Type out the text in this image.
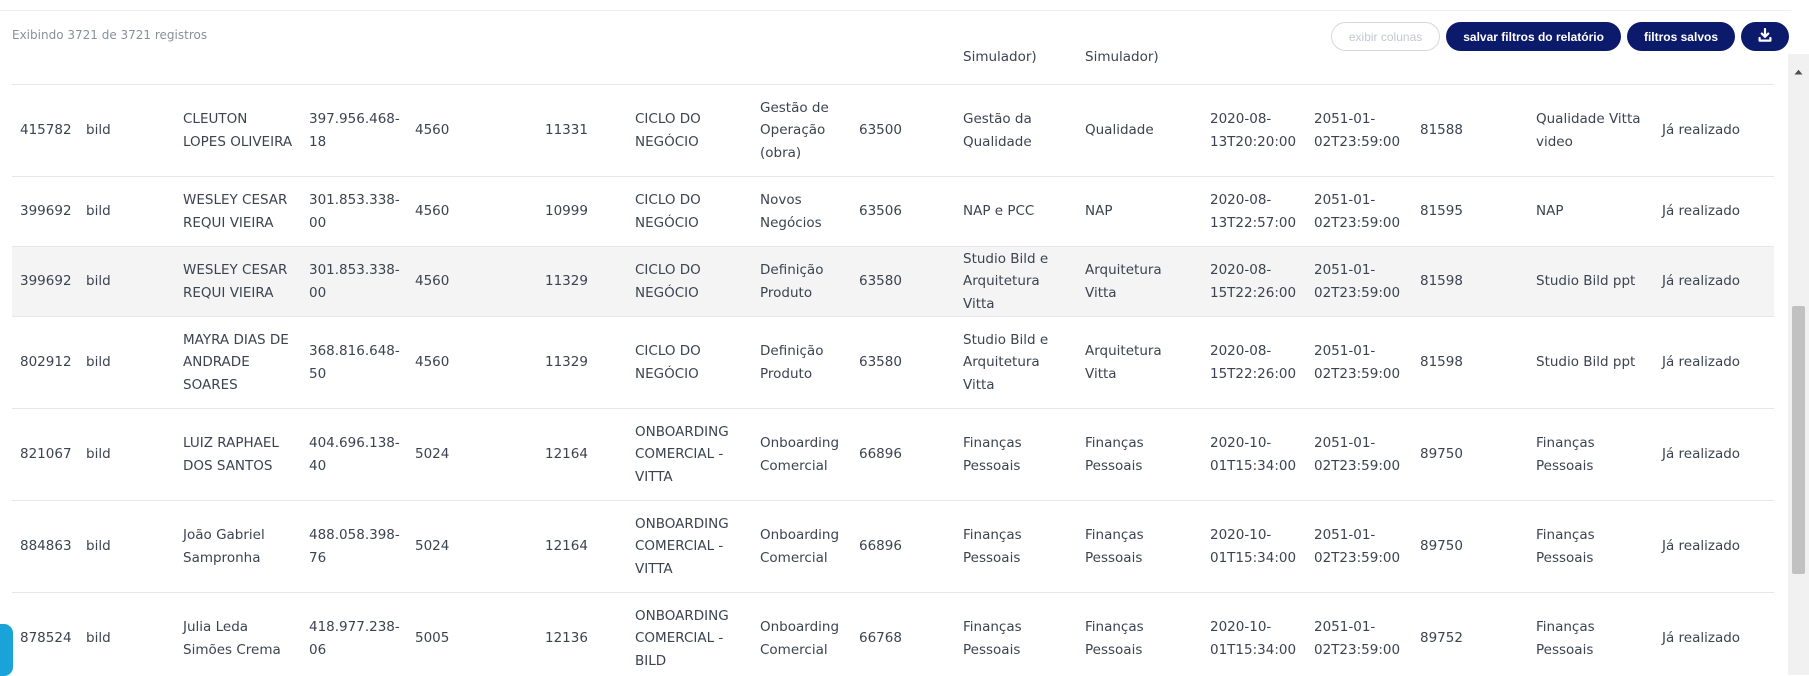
Exibindo 3721 de 3721 registros	exibir colunas	salvar filtros do relatório	filtros salvos

									Simulador)	Simulador)					

415782	bild	CLEUTON LOPES OLIVEIRA	397.956.468-18	4560	11331	CICLO DO NEGÓCIO	Gestão de Operação (obra)	63500	Gestão da Qualidade	Qualidade	2020-08-13T20:20:00	2051-01-02T23:59:00	81588	Qualidade Vitta video	Já realizado
399692	bild	WESLEY CESAR REQUI VIEIRA	301.853.338-00	4560	10999	CICLO DO NEGÓCIO	Novos Negócios	63506	NAP e PCC	NAP	2020-08-13T22:57:00	2051-01-02T23:59:00	81595	NAP	Já realizado
399692	bild	WESLEY CESAR REQUI VIEIRA	301.853.338-00	4560	11329	CICLO DO NEGÓCIO	Definição Produto	63580	Studio Bild e Arquitetura Vitta	Arquitetura Vitta	2020-08-15T22:26:00	2051-01-02T23:59:00	81598	Studio Bild ppt	Já realizado
802912	bild	MAYRA DIAS DE ANDRADE SOARES	368.816.648-50	4560	11329	CICLO DO NEGÓCIO	Definição Produto	63580	Studio Bild e Arquitetura Vitta	Arquitetura Vitta	2020-08-15T22:26:00	2051-01-02T23:59:00	81598	Studio Bild ppt	Já realizado
821067	bild	LUIZ RAPHAEL DOS SANTOS	404.696.138-40	5024	12164	ONBOARDING COMERCIAL - VITTA	Onboarding Comercial	66896	Finanças Pessoais	Finanças Pessoais	2020-10-01T15:34:00	2051-01-02T23:59:00	89750	Finanças Pessoais	Já realizado
884863	bild	João Gabriel Sampronha	488.058.398-76	5024	12164	ONBOARDING COMERCIAL - VITTA	Onboarding Comercial	66896	Finanças Pessoais	Finanças Pessoais	2020-10-01T15:34:00	2051-01-02T23:59:00	89750	Finanças Pessoais	Já realizado
878524	bild	Julia Leda Simões Crema	418.977.238-06	5005	12136	ONBOARDING COMERCIAL - BILD	Onboarding Comercial	66768	Finanças Pessoais	Finanças Pessoais	2020-10-01T15:34:00	2051-01-02T23:59:00	89752	Finanças Pessoais	Já realizado
